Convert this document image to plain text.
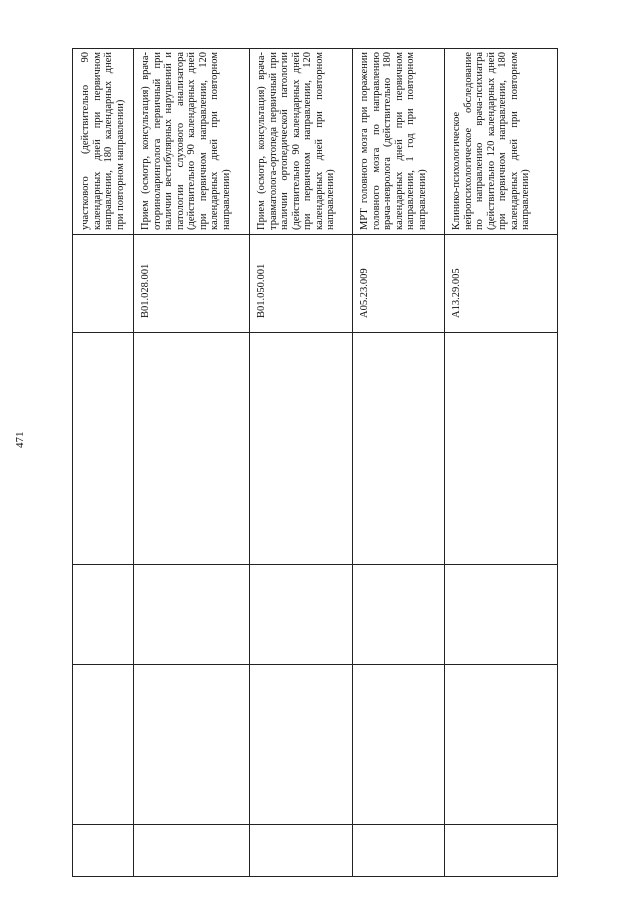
471
участкового (действительно 90 календарных дней при первичном направлении, 180 календарных дней при повторном направлении)
B01.028.001
Прием (осмотр, консультация) врача-оториноларинголога первичный при наличии вестибулярных нарушений и патологии слухового анализатора (действительно 90 календарных дней при первичном направлении, 120 календарных дней при повторном направлении)
B01.050.001
Прием (осмотр, консультация) врача-травматолога-ортопеда первичный при наличии ортопедической патологии (действительно 90 календарных дней при первичном направлении, 120 календарных дней при повторном направлении)
A05.23.009
МРТ головного мозга при поражении головного мозга по направлению врача-невролога (действительно 180 календарных дней при первичном направлении, 1 год при повторном направлении)
A13.29.005
Клинико-психологическое нейропсихологическое обследование по направлению врача-психиатра (действительно 120 календарных дней при первичном направлении, 180 календарных дней при повторном направлении)
